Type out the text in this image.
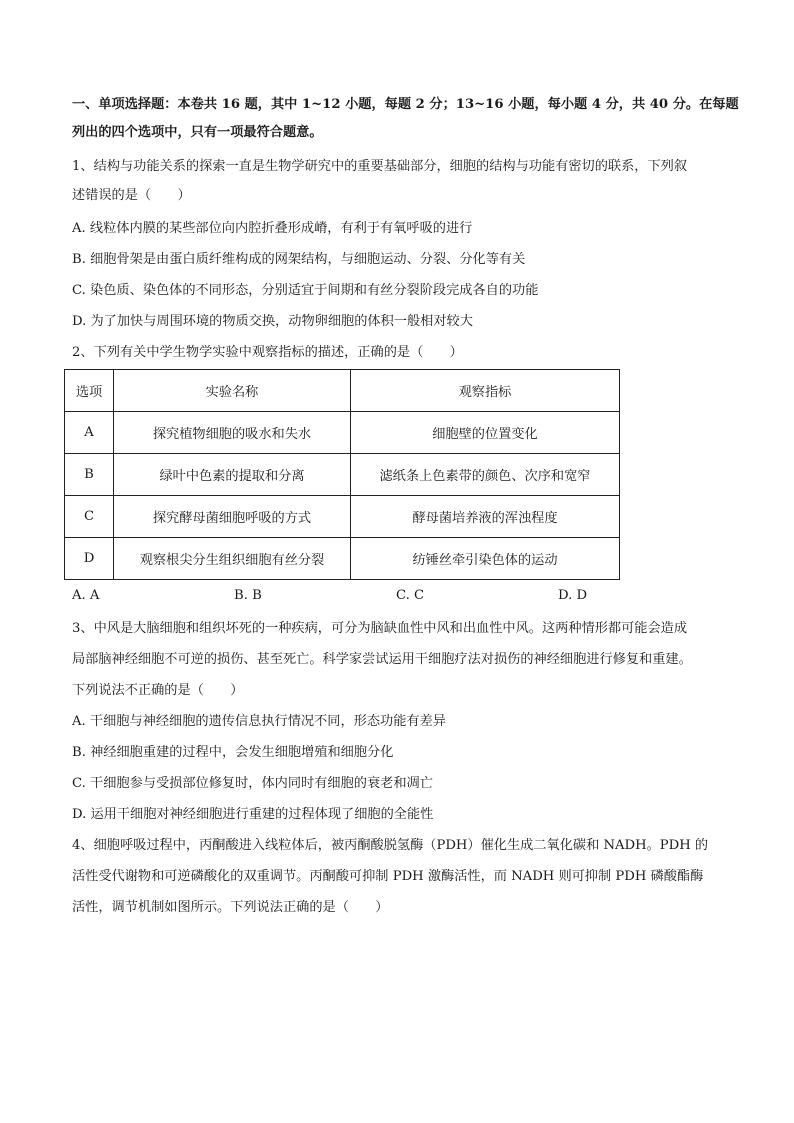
一、单项选择题：本卷共 16 题，其中 1~12 小题，每题 2 分；13~16 小题，每小题 4 分，共 40 分。在每题
列出的四个选项中，只有一项最符合题意。
1、结构与功能关系的探索一直是生物学研究中的重要基础部分，细胞的结构与功能有密切的联系，下列叙
述错误的是（　　）
A. 线粒体内膜的某些部位向内腔折叠形成嵴，有利于有氧呼吸的进行
B. 细胞骨架是由蛋白质纤维构成的网架结构，与细胞运动、分裂、分化等有关
C. 染色质、染色体的不同形态，分别适宜于间期和有丝分裂阶段完成各自的功能
D. 为了加快与周围环境的物质交换，动物卵细胞的体积一般相对较大
2、下列有关中学生物学实验中观察指标的描述，正确的是（　　）
选项	实验名称	观察指标
A	探究植物细胞的吸水和失水	细胞壁的位置变化
B	绿叶中色素的提取和分离	滤纸条上色素带的颜色、次序和宽窄
C	探究酵母菌细胞呼吸的方式	酵母菌培养液的浑浊程度
D	观察根尖分生组织细胞有丝分裂	纺锤丝牵引染色体的运动
A. A	B. B	C. C	D. D
3、中风是大脑细胞和组织坏死的一种疾病，可分为脑缺血性中风和出血性中风。这两种情形都可能会造成
局部脑神经细胞不可逆的损伤、甚至死亡。科学家尝试运用干细胞疗法对损伤的神经细胞进行修复和重建。
下列说法不正确的是（　　）
A. 干细胞与神经细胞的遗传信息执行情况不同，形态功能有差异
B. 神经细胞重建的过程中，会发生细胞增殖和细胞分化
C. 干细胞参与受损部位修复时，体内同时有细胞的衰老和凋亡
D. 运用干细胞对神经细胞进行重建的过程体现了细胞的全能性
4、细胞呼吸过程中，丙酮酸进入线粒体后，被丙酮酸脱氢酶（PDH）催化生成二氧化碳和 NADH。PDH 的
活性受代谢物和可逆磷酸化的双重调节。丙酮酸可抑制 PDH 激酶活性，而 NADH 则可抑制 PDH 磷酸酯酶
活性，调节机制如图所示。下列说法正确的是（　　）
